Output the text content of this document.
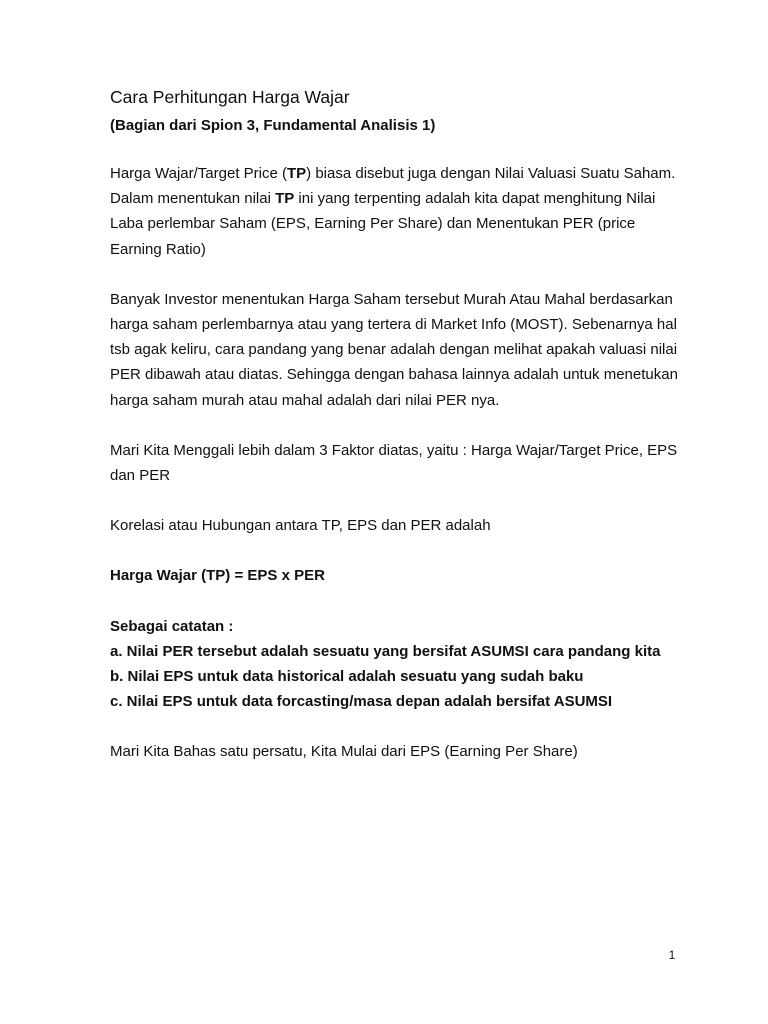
Cara Perhitungan Harga Wajar

(Bagian dari Spion 3, Fundamental Analisis 1)

Harga Wajar/Target Price (TP) biasa disebut juga dengan Nilai Valuasi Suatu Saham. Dalam menentukan nilai TP ini yang terpenting adalah kita dapat menghitung Nilai Laba perlembar Saham (EPS, Earning Per Share) dan Menentukan PER (price Earning Ratio)

Banyak Investor menentukan Harga Saham tersebut Murah Atau Mahal berdasarkan harga saham perlembarnya atau yang tertera di Market Info (MOST). Sebenarnya hal tsb agak keliru, cara pandang yang benar adalah dengan melihat apakah valuasi nilai PER dibawah atau diatas. Sehingga dengan bahasa lainnya adalah untuk menetukan harga saham murah atau mahal adalah dari nilai PER nya.

Mari Kita Menggali lebih dalam 3 Faktor diatas, yaitu : Harga Wajar/Target Price, EPS dan PER

Korelasi atau Hubungan antara TP, EPS dan PER adalah

Harga Wajar (TP) = EPS x PER

Sebagai catatan :

a. Nilai PER tersebut adalah sesuatu yang bersifat ASUMSI cara pandang kita

b. Nilai EPS untuk data historical adalah sesuatu yang sudah baku

c. Nilai EPS untuk data forcasting/masa depan adalah bersifat ASUMSI

Mari Kita Bahas satu persatu, Kita Mulai dari EPS (Earning Per Share)

1
